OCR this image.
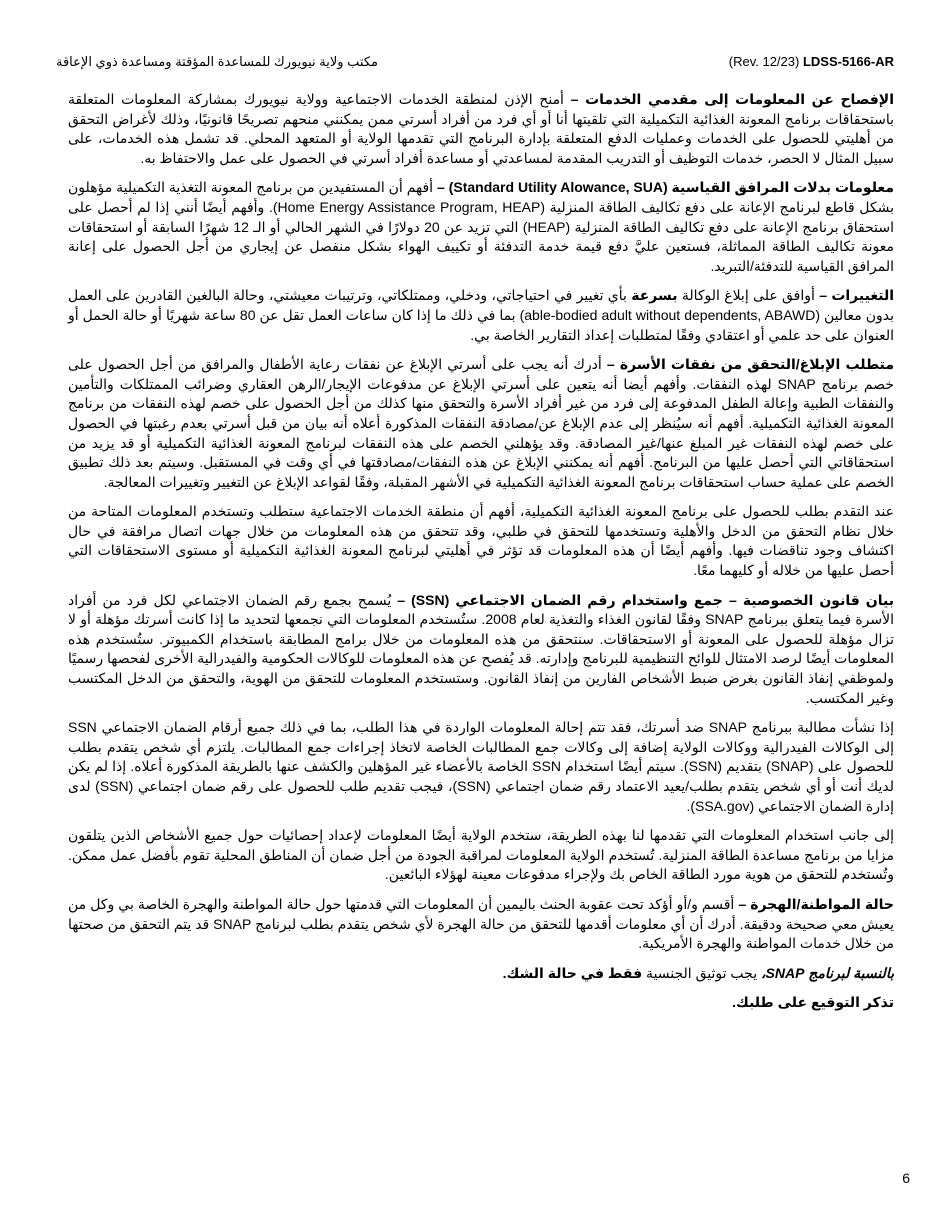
(Rev. 12/23) LDSS-5166-AR
مكتب ولاية نيويورك للمساعدة المؤقتة ومساعدة ذوي الإعاقة

الإفصاح عن المعلومات إلى مقدمي الخدمات – أمنح الإذن لمنطقة الخدمات الاجتماعية وولاية نيويورك بمشاركة المعلومات المتعلقة باستحقاقات برنامج المعونة الغذائية التكميلية التي تلقيتها أنا أو أي فرد من أفراد أسرتي ممن يمكنني منحهم تصريحًا قانونيًا، وذلك لأغراض التحقق من أهليتي للحصول على الخدمات وعمليات الدفع المتعلقة بإدارة البرنامج التي تقدمها الولاية أو المتعهد المحلي. قد تشمل هذه الخدمات، على سبيل المثال لا الحصر، خدمات التوظيف أو التدريب المقدمة لمساعدتي أو مساعدة أفراد أسرتي في الحصول على عمل والاحتفاظ به.

معلومات بدلات المرافق القياسية (Standard Utility Alowance, SUA) – أفهم أن المستفيدين من برنامج المعونة التغذية التكميلية مؤهلون بشكل قاطع لبرنامج الإعانة على دفع تكاليف الطاقة المنزلية (Home Energy Assistance Program, HEAP). وأفهم أيضًا أنني إذا لم أحصل على استحقاق برنامج الإعانة على دفع تكاليف الطاقة المنزلية (HEAP) التي تزيد عن 20 دولارًا في الشهر الحالي أو الـ 12 شهرًا السابقة أو استحقاقات معونة تكاليف الطاقة المماثلة، فستعين عليَّ دفع قيمة خدمة التدفئة أو تكييف الهواء بشكل منفصل عن إيجاري من أجل الحصول على إعانة المرافق القياسية للتدفئة/التبريد.

التغييرات – أوافق على إبلاغ الوكالة بسرعة بأي تغيير في احتياجاتي، ودخلي، وممتلكاتي، وترتيبات معيشتي، وحالة البالغين القادرين على العمل بدون معالين (able-bodied adult without dependents, ABAWD) بما في ذلك ما إذا كان ساعات العمل تقل عن 80 ساعة شهريًا أو حالة الحمل أو العنوان على حد علمي أو اعتقادي وفقًا لمتطلبات إعداد التقارير الخاصة بي.

متطلب الإبلاغ/التحقق من نفقات الأسرة – أدرك أنه يجب على أسرتي الإبلاغ عن نفقات رعاية الأطفال والمرافق من أجل الحصول على خصم برنامج SNAP لهذه النفقات. وأفهم أيضا أنه يتعين على أسرتي الإبلاغ عن مدفوعات الإيجار/الرهن العقاري وضرائب الممتلكات والتأمين والنفقات الطبية وإعالة الطفل المدفوعة إلى فرد من غير أفراد الأسرة والتحقق منها كذلك من أجل الحصول على خصم لهذه النفقات من برنامج المعونة الغذائية التكميلية. أفهم أنه سيُنظر إلى عدم الإبلاغ عن/مصادقة النفقات المذكورة أعلاه أنه بيان من قبل أسرتي بعدم رغبتها في الحصول على خصم لهذه النفقات غير المبلغ عنها/غير المصادقة. وقد يؤهلني الخصم على هذه النفقات لبرنامج المعونة الغذائية التكميلية أو قد يزيد من استحقاقاتي التي أحصل عليها من البرنامج. أفهم أنه يمكنني الإبلاغ عن هذه النفقات/مصادقتها في أي وقت في المستقبل. وسيتم بعد ذلك تطبيق الخصم على عملية حساب استحقاقات برنامج المعونة الغذائية التكميلية في الأشهر المقبلة، وفقًا لقواعد الإبلاغ عن التغيير وتغييرات المعالجة.

عند التقدم بطلب للحصول على برنامج المعونة الغذائية التكميلية، أفهم أن منطقة الخدمات الاجتماعية ستطلب وتستخدم المعلومات المتاحة من خلال نظام التحقق من الدخل والأهلية وتستخدمها للتحقق في طلبي، وقد تتحقق من هذه المعلومات من خلال جهات اتصال مرافقة في حال اكتشاف وجود تناقضات فيها. وأفهم أيضًا أن هذه المعلومات قد تؤثر في أهليتي لبرنامج المعونة الغذائية التكميلية أو مستوى الاستحقاقات التي أحصل عليها من خلاله أو كليهما معًا.

بيان قانون الخصوصية – جمع واستخدام رقم الضمان الاجتماعي (SSN) – يُسمح بجمع رقم الضمان الاجتماعي لكل فرد من أفراد الأسرة فيما يتعلق ببرنامج SNAP وفقًا لقانون الغذاء والتغذية لعام 2008. ستُستخدم المعلومات التي نجمعها لتحديد ما إذا كانت أسرتك مؤهلة أو لا تزال مؤهلة للحصول على المعونة أو الاستحقاقات. سنتحقق من هذه المعلومات من خلال برامج المطابقة باستخدام الكمبيوتر. ستُستخدم هذه المعلومات أيضًا لرصد الامتثال للوائح التنظيمية للبرنامج وإدارته. قد يُفصح عن هذه المعلومات للوكالات الحكومية والفيدرالية الأخرى لفحصها رسميًا ولموظفي إنفاذ القانون بغرض ضبط الأشخاص الفارين من إنفاذ القانون. وستستخدم المعلومات للتحقق من الهوية، والتحقق من الدخل المكتسب وغير المكتسب.

إذا نشأت مطالبة ببرنامج SNAP ضد أسرتك، فقد تتم إحالة المعلومات الواردة في هذا الطلب، بما في ذلك جميع أرقام الضمان الاجتماعي SSN إلى الوكالات الفيدرالية ووكالات الولاية إضافة إلى وكالات جمع المطالبات الخاصة لاتخاذ إجراءات جمع المطالبات. يلتزم أي شخص يتقدم بطلب للحصول على (SNAP) بتقديم (SSN). سيتم أيضًا استخدام SSN الخاصة بالأعضاء غير المؤهلين والكشف عنها بالطريقة المذكورة أعلاه. إذا لم يكن لديك أنت أو أي شخص يتقدم بطلب/يعيد الاعتماد رقم ضمان اجتماعي (SSN)، فيجب تقديم طلب للحصول على رقم ضمان اجتماعي (SSN) لدى إدارة الضمان الاجتماعي (SSA.gov).

إلى جانب استخدام المعلومات التي تقدمها لنا بهذه الطريقة، ستخدم الولاية أيضًا المعلومات لإعداد إحصائيات حول جميع الأشخاص الذين يتلقون مزايا من برنامج مساعدة الطاقة المنزلية. تُستخدم الولاية المعلومات لمراقبة الجودة من أجل ضمان أن المناطق المحلية تقوم بأفضل عمل ممكن. وتُستخدم للتحقق من هوية مورد الطاقة الخاص بك ولإجراء مدفوعات معينة لهؤلاء البائعين.

حالة المواطنة/الهجرة – أقسم و/أو أؤكد تحت عقوبة الحنث باليمين أن المعلومات التي قدمتها حول حالة المواطنة والهجرة الخاصة بي وكل من يعيش معي صحيحة ودقيقة. أدرك أن أي معلومات أقدمها للتحقق من حالة الهجرة لأي شخص يتقدم بطلب لبرنامج SNAP قد يتم التحقق من صحتها من خلال خدمات المواطنة والهجرة الأمريكية.

بالنسبة لبرنامج SNAP، يجب توثيق الجنسية فقط في حالة الشك.

تذكر التوقيع على طلبك.

6
